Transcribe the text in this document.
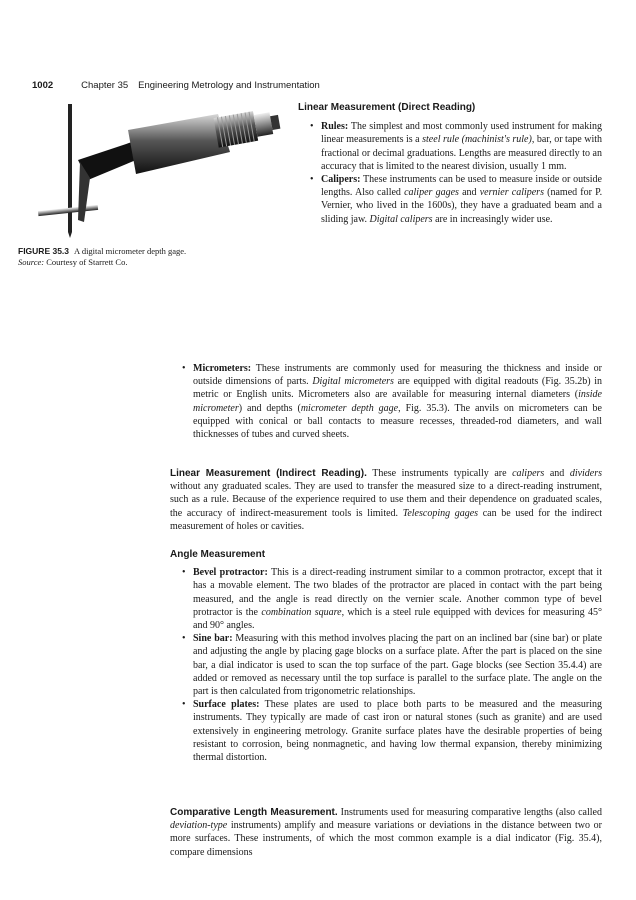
1002	Chapter 35 Engineering Metrology and Instrumentation
FIGURE 35.3 A digital micrometer depth gage.
Source: Courtesy of Starrett Co.
Linear Measurement (Direct Reading)
• Rules: The simplest and most commonly used instrument for making linear measurements is a steel rule (machinist's rule), bar, or tape with fractional or decimal graduations. Lengths are measured directly to an accuracy that is limited to the nearest division, usually 1 mm.
• Calipers: These instruments can be used to measure inside or outside lengths. Also called caliper gages and vernier calipers (named for P. Vernier, who lived in the 1600s), they have a graduated beam and a sliding jaw. Digital calipers are in increasingly wider use.
• Micrometers: These instruments are commonly used for measuring the thickness and inside or outside dimensions of parts. Digital micrometers are equipped with digital readouts (Fig. 35.2b) in metric or English units. Micrometers also are available for measuring internal diameters (inside micrometer) and depths (micrometer depth gage, Fig. 35.3). The anvils on micrometers can be equipped with conical or ball contacts to measure recesses, threaded-rod diameters, and wall thicknesses of tubes and curved sheets.
Linear Measurement (Indirect Reading). These instruments typically are calipers and dividers without any graduated scales. They are used to transfer the measured size to a direct-reading instrument, such as a rule. Because of the experience required to use them and their dependence on graduated scales, the accuracy of indirect-measurement tools is limited. Telescoping gages can be used for the indirect measurement of holes or cavities.
Angle Measurement
• Bevel protractor: This is a direct-reading instrument similar to a common protractor, except that it has a movable element. The two blades of the protractor are placed in contact with the part being measured, and the angle is read directly on the vernier scale. Another common type of bevel protractor is the combination square, which is a steel rule equipped with devices for measuring 45° and 90° angles.
• Sine bar: Measuring with this method involves placing the part on an inclined bar (sine bar) or plate and adjusting the angle by placing gage blocks on a surface plate. After the part is placed on the sine bar, a dial indicator is used to scan the top surface of the part. Gage blocks (see Section 35.4.4) are added or removed as necessary until the top surface is parallel to the surface plate. The angle on the part is then calculated from trigonometric relationships.
• Surface plates: These plates are used to place both parts to be measured and the measuring instruments. They typically are made of cast iron or natural stones (such as granite) and are used extensively in engineering metrology. Granite surface plates have the desirable properties of being resistant to corrosion, being nonmagnetic, and having low thermal expansion, thereby minimizing thermal distortion.
Comparative Length Measurement. Instruments used for measuring comparative lengths (also called deviation-type instruments) amplify and measure variations or deviations in the distance between two or more surfaces. These instruments, of which the most common example is a dial indicator (Fig. 35.4), compare dimensions
